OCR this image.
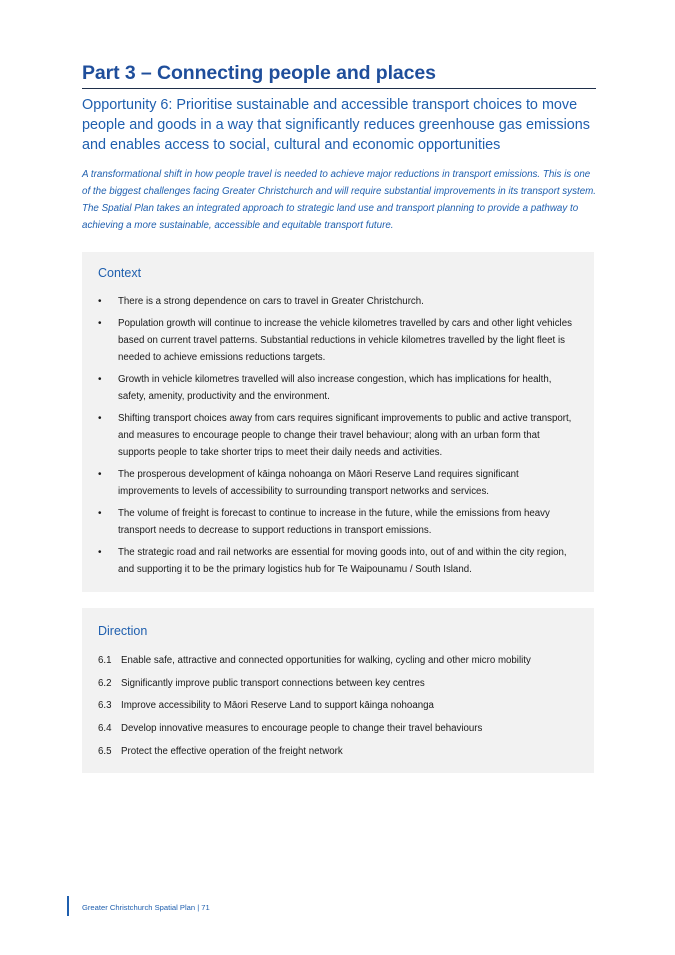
Part 3 – Connecting people and places
Opportunity 6: Prioritise sustainable and accessible transport choices to move people and goods in a way that significantly reduces greenhouse gas emissions and enables access to social, cultural and economic opportunities

A transformational shift in how people travel is needed to achieve major reductions in transport emissions. This is one of the biggest challenges facing Greater Christchurch and will require substantial improvements in its transport system. The Spatial Plan takes an integrated approach to strategic land use and transport planning to provide a pathway to achieving a more sustainable, accessible and equitable transport future.

Context
• There is a strong dependence on cars to travel in Greater Christchurch.
• Population growth will continue to increase the vehicle kilometres travelled by cars and other light vehicles based on current travel patterns. Substantial reductions in vehicle kilometres travelled by the light fleet is needed to achieve emissions reductions targets.
• Growth in vehicle kilometres travelled will also increase congestion, which has implications for health, safety, amenity, productivity and the environment.
• Shifting transport choices away from cars requires significant improvements to public and active transport, and measures to encourage people to change their travel behaviour; along with an urban form that supports people to take shorter trips to meet their daily needs and activities.
• The prosperous development of kāinga nohoanga on Māori Reserve Land requires significant improvements to levels of accessibility to surrounding transport networks and services.
• The volume of freight is forecast to continue to increase in the future, while the emissions from heavy transport needs to decrease to support reductions in transport emissions.
• The strategic road and rail networks are essential for moving goods into, out of and within the city region, and supporting it to be the primary logistics hub for Te Waipounamu / South Island.
Direction
6.1 Enable safe, attractive and connected opportunities for walking, cycling and other micro mobility
6.2 Significantly improve public transport connections between key centres
6.3 Improve accessibility to Māori Reserve Land to support kāinga nohoanga
6.4 Develop innovative measures to encourage people to change their travel behaviours
6.5 Protect the effective operation of the freight network
Greater Christchurch Spatial Plan | 71
